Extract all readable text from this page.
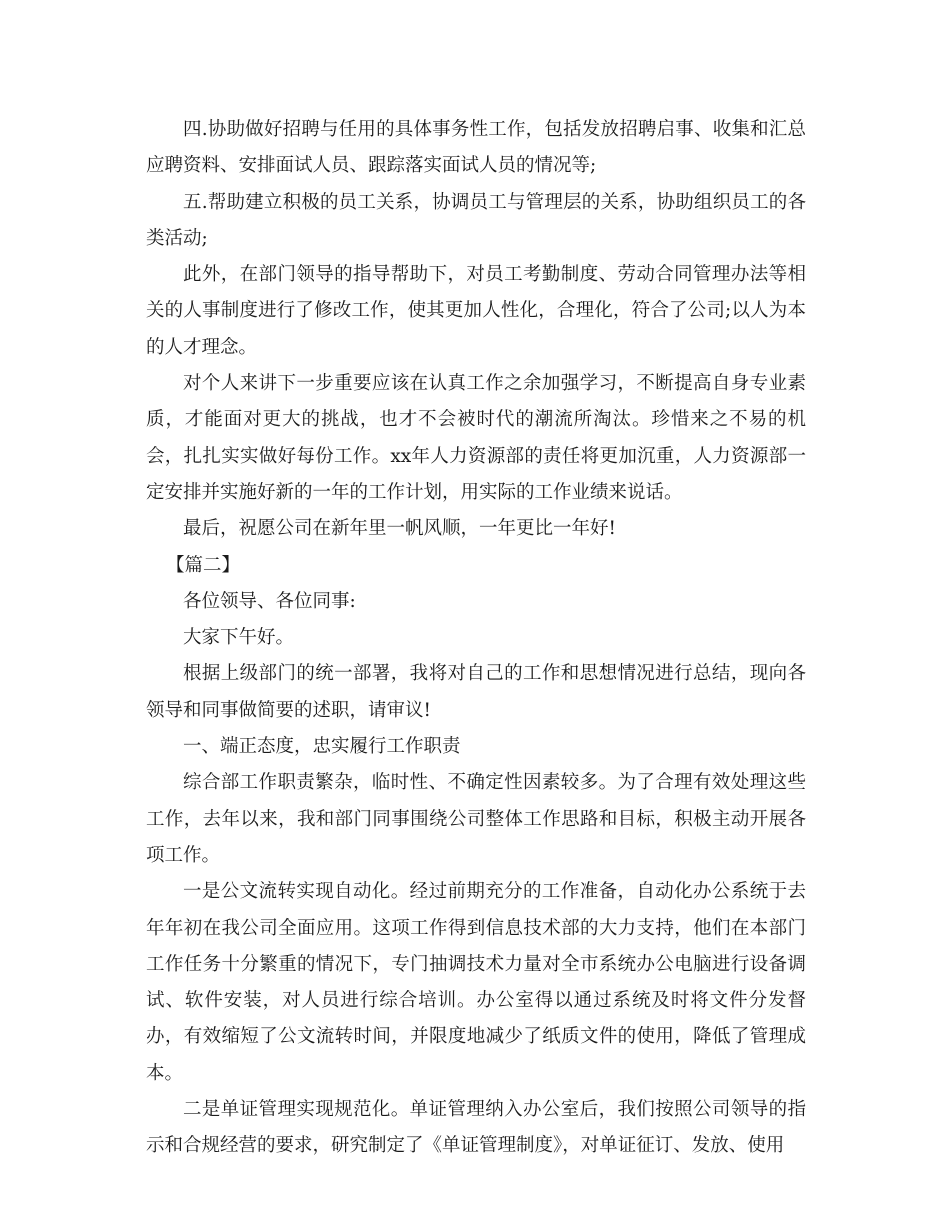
四.协助做好招聘与任用的具体事务性工作，包括发放招聘启事、收集和汇总应聘资料、安排面试人员、跟踪落实面试人员的情况等;

五.帮助建立积极的员工关系，协调员工与管理层的关系，协助组织员工的各类活动;

此外，在部门领导的指导帮助下，对员工考勤制度、劳动合同管理办法等相关的人事制度进行了修改工作，使其更加人性化，合理化，符合了公司;以人为本的人才理念。

对个人来讲下一步重要应该在认真工作之余加强学习，不断提高自身专业素质，才能面对更大的挑战，也才不会被时代的潮流所淘汰。珍惜来之不易的机会，扎扎实实做好每份工作。xx年人力资源部的责任将更加沉重，人力资源部一定安排并实施好新的一年的工作计划，用实际的工作业绩来说话。

最后，祝愿公司在新年里一帆风顺，一年更比一年好!

【篇二】

各位领导、各位同事:

大家下午好。

根据上级部门的统一部署，我将对自己的工作和思想情况进行总结，现向各领导和同事做简要的述职，请审议!

一、端正态度，忠实履行工作职责

综合部工作职责繁杂，临时性、不确定性因素较多。为了合理有效处理这些工作，去年以来，我和部门同事围绕公司整体工作思路和目标，积极主动开展各项工作。

一是公文流转实现自动化。经过前期充分的工作准备，自动化办公系统于去年年初在我公司全面应用。这项工作得到信息技术部的大力支持，他们在本部门工作任务十分繁重的情况下，专门抽调技术力量对全市系统办公电脑进行设备调试、软件安装，对人员进行综合培训。办公室得以通过系统及时将文件分发督办，有效缩短了公文流转时间，并限度地减少了纸质文件的使用，降低了管理成本。

二是单证管理实现规范化。单证管理纳入办公室后，我们按照公司领导的指示和合规经营的要求，研究制定了《单证管理制度》，对单证征订、发放、使用
